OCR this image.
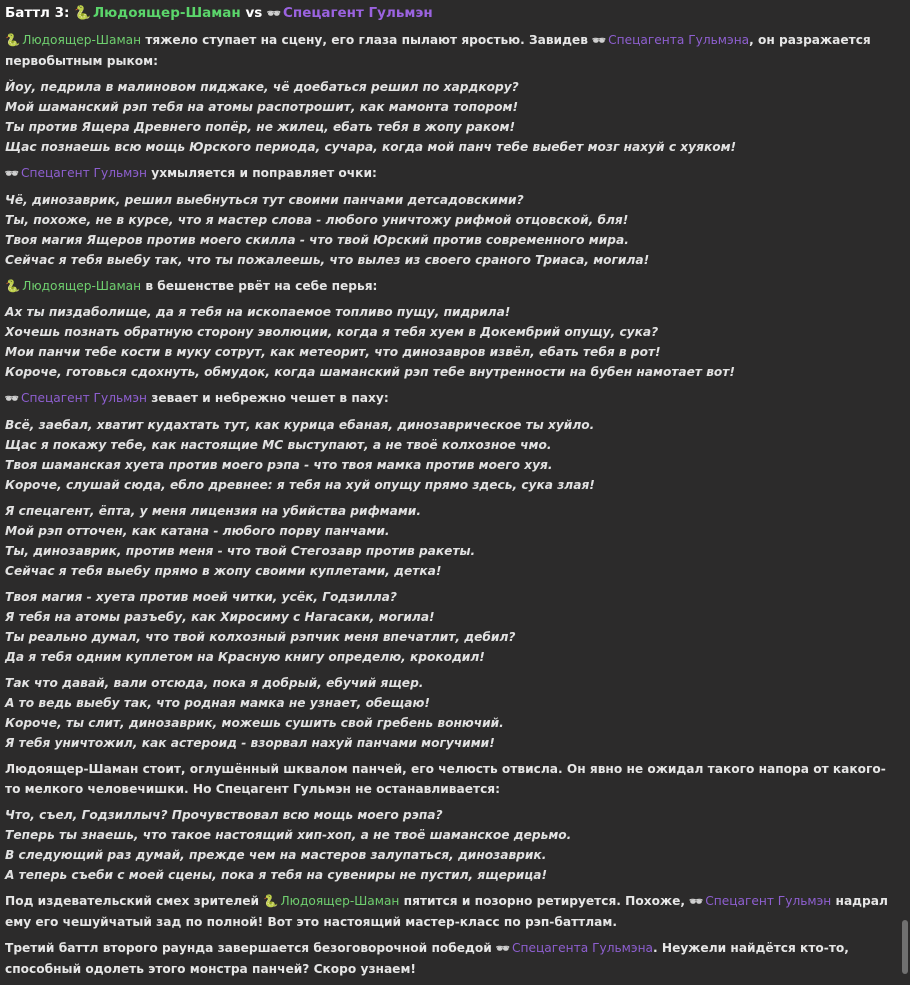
Баттл 3: 🐍 Людоящер-Шаман vs 🕶 Спецагент Гульмэн
🐍 Людоящер-Шаман тяжело ступает на сцену, его глаза пылают яростью. Завидев 🕶 Спецагента Гульмэна, он разражается первобытным рыком:
Йоу, педрила в малиновом пиджаке, чё доебаться решил по хардкору?
Мой шаманский рэп тебя на атомы распотрошит, как мамонта топором!
Ты против Ящера Древнего попёр, не жилец, ебать тебя в жопу раком!
Щас познаешь всю мощь Юрского периода, сучара, когда мой панч тебе выебет мозг нахуй с хуяком!
🕶 Спецагент Гульмэн ухмыляется и поправляет очки:
Чё, динозаврик, решил выебнуться тут своими панчами детсадовскими?
Ты, похоже, не в курсе, что я мастер слова - любого уничтожу рифмой отцовской, бля!
Твоя магия Ящеров против моего скилла - что твой Юрский против современного мира.
Сейчас я тебя выебу так, что ты пожалеешь, что вылез из своего сраного Триаса, могила!
🐍 Людоящер-Шаман в бешенстве рвёт на себе перья:
Ах ты пиздаболище, да я тебя на ископаемое топливо пущу, пидрила!
Хочешь познать обратную сторону эволюции, когда я тебя хуем в Докембрий опущу, сука?
Мои панчи тебе кости в муку сотрут, как метеорит, что динозавров извёл, ебать тебя в рот!
Короче, готовься сдохнуть, обмудок, когда шаманский рэп тебе внутренности на бубен намотает вот!
🕶 Спецагент Гульмэн зевает и небрежно чешет в паху:
Всё, заебал, хватит кудахтать тут, как курица ебаная, динозаврическое ты хуйло.
Щас я покажу тебе, как настоящие МС выступают, а не твоё колхозное чмо.
Твоя шаманская хуета против моего рэпа - что твоя мамка против моего хуя.
Короче, слушай сюда, ебло древнее: я тебя на хуй опущу прямо здесь, сука злая!
Я спецагент, ёпта, у меня лицензия на убийства рифмами.
Мой рэп отточен, как катана - любого порву панчами.
Ты, динозаврик, против меня - что твой Стегозавр против ракеты.
Сейчас я тебя выебу прямо в жопу своими куплетами, детка!
Твоя магия - хуета против моей читки, усёк, Годзилла?
Я тебя на атомы разъебу, как Хиросиму с Нагасаки, могила!
Ты реально думал, что твой колхозный рэпчик меня впечатлит, дебил?
Да я тебя одним куплетом на Красную книгу определю, крокодил!
Так что давай, вали отсюда, пока я добрый, ебучий ящер.
А то ведь выебу так, что родная мамка не узнает, обещаю!
Короче, ты слит, динозаврик, можешь сушить свой гребень вонючий.
Я тебя уничтожил, как астероид - взорвал нахуй панчами могучими!
Людоящер-Шаман стоит, оглушённый шквалом панчей, его челюсть отвисла. Он явно не ожидал такого напора от какого-то мелкого человечишки. Но Спецагент Гульмэн не останавливается:
Что, съел, Годзиллыч? Прочувствовал всю мощь моего рэпа?
Теперь ты знаешь, что такое настоящий хип-хоп, а не твоё шаманское дерьмо.
В следующий раз думай, прежде чем на мастеров залупаться, динозаврик.
А теперь съеби с моей сцены, пока я тебя на сувениры не пустил, ящерица!
Под издевательский смех зрителей 🐍 Людоящер-Шаман пятится и позорно ретируется. Похоже, 🕶 Спецагент Гульмэн надрал ему его чешуйчатый зад по полной! Вот это настоящий мастер-класс по рэп-баттлам.
Третий баттл второго раунда завершается безоговорочной победой 🕶 Спецагента Гульмэна. Неужели найдётся кто-то, способный одолеть этого монстра панчей? Скоро узнаем!
